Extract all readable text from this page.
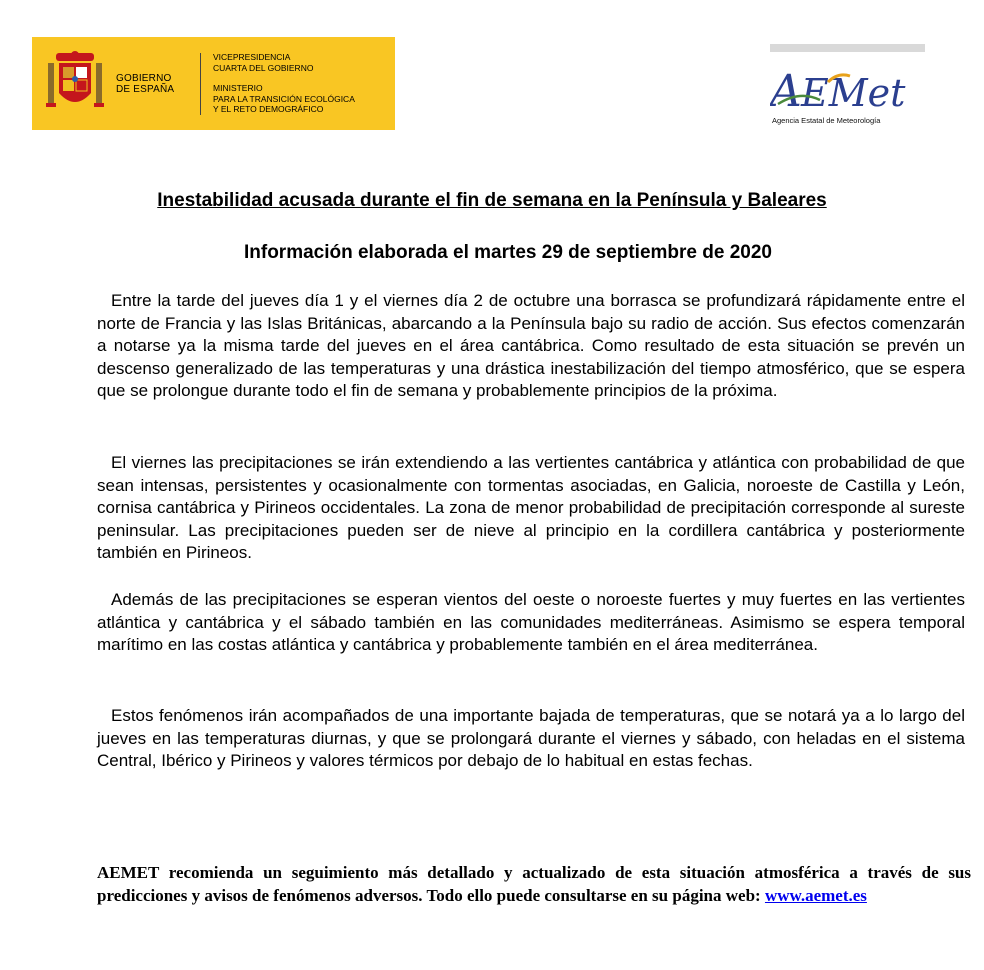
GOBIERNO
DE ESPAÑA
VICEPRESIDENCIA
CUARTA DEL GOBIERNO
MINISTERIO
PARA LA TRANSICIÓN ECOLÓGICA
Y EL RETO DEMOGRÁFICO	A EMet
Agencia Estatal de Meteorología
Inestabilidad acusada durante el fin de semana en la Península y Baleares
Información elaborada el martes 29 de septiembre de 2020
Entre la tarde del jueves día 1 y el viernes día 2 de octubre una borrasca se profundizará rápidamente entre el norte de Francia y las Islas Británicas, abarcando a la Península bajo su radio de acción. Sus efectos comenzarán a notarse ya la misma tarde del jueves en el área cantábrica. Como resultado de esta situación se prevén un descenso generalizado de las temperaturas y una drástica inestabilización del tiempo atmosférico, que se espera que se prolongue durante todo el fin de semana y probablemente principios de la próxima.
El viernes las precipitaciones se irán extendiendo a las vertientes cantábrica y atlántica con probabilidad de que sean intensas, persistentes y ocasionalmente con tormentas asociadas, en Galicia, noroeste de Castilla y León, cornisa cantábrica y Pirineos occidentales. La zona de menor probabilidad de precipitación corresponde al sureste peninsular. Las precipitaciones pueden ser de nieve al principio en la cordillera cantábrica y posteriormente también en Pirineos.
Además de las precipitaciones se esperan vientos del oeste o noroeste fuertes y muy fuertes en las vertientes atlántica y cantábrica y el sábado también en las comunidades mediterráneas. Asimismo se espera temporal marítimo en las costas atlántica y cantábrica y probablemente también en el área mediterránea.
Estos fenómenos irán acompañados de una importante bajada de temperaturas, que se notará ya a lo largo del jueves en las temperaturas diurnas, y que se prolongará durante el viernes y sábado, con heladas en el sistema Central, Ibérico y Pirineos y valores térmicos por debajo de lo habitual en estas fechas.
AEMET recomienda un seguimiento más detallado y actualizado de esta situación atmosférica a través de sus predicciones y avisos de fenómenos adversos. Todo ello puede consultarse en su página web: www.aemet.es
